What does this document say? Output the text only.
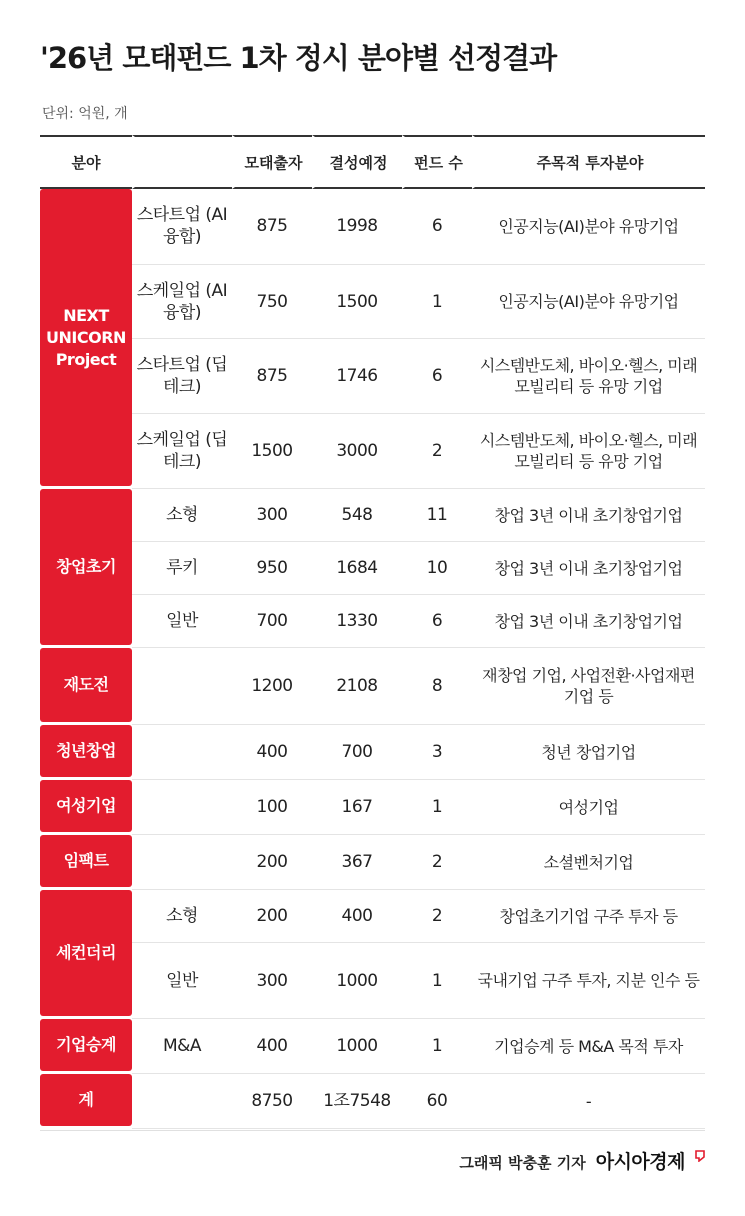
'26년 모태펀드 1차 정시 분야별 선정결과
단위: 억원, 개
분야		모태출자	결성예정	펀드 수	주목적 투자분야

NEXT UNICORN Project	스타트업 (AI융합)	875	1998	6	인공지능(AI)분야 유망기업
	스케일업 (AI융합)	750	1500	1	인공지능(AI)분야 유망기업
	스타트업 (딥테크)	875	1746	6	시스템반도체, 바이오·헬스, 미래 모빌리티 등 유망 기업
	스케일업 (딥테크)	1500	3000	2	시스템반도체, 바이오·헬스, 미래 모빌리티 등 유망 기업

창업초기	소형	300	548	11	창업 3년 이내 초기창업기업
	루키	950	1684	10	창업 3년 이내 초기창업기업
	일반	700	1330	6	창업 3년 이내 초기창업기업

재도전		1200	2108	8	재창업 기업, 사업전환·사업재편 기업 등

청년창업		400	700	3	청년 창업기업

여성기업		100	167	1	여성기업

임팩트		200	367	2	소셜벤처기업

세컨더리	소형	200	400	2	창업초기기업 구주 투자 등
	일반	300	1000	1	국내기업 구주 투자, 지분 인수 등

기업승계	M&A	400	1000	1	기업승계 등 M&A 목적 투자

계		8750	1조7548	60	-
그래픽 박충훈 기자 아시아경제
